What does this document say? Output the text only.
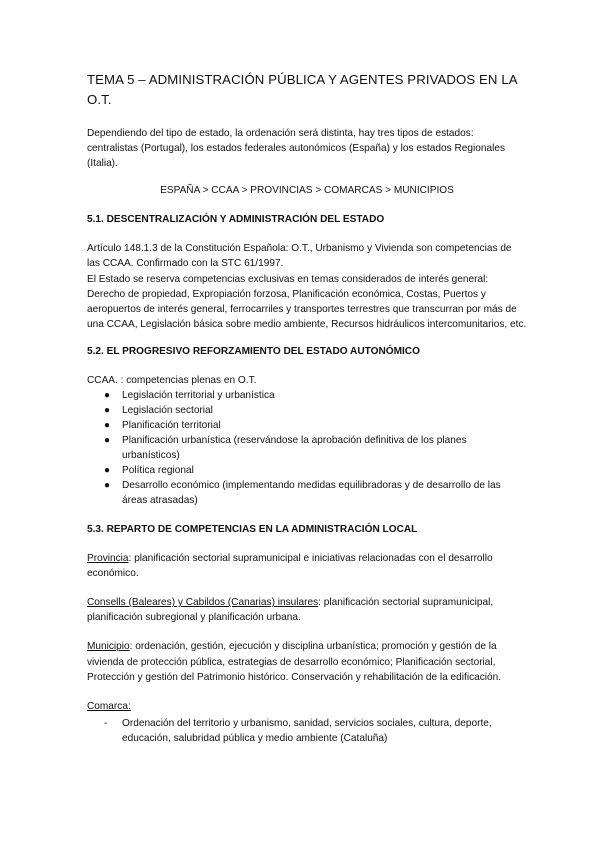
TEMA 5 – ADMINISTRACIÓN PÚBLICA Y AGENTES PRIVADOS EN LA O.T.

Dependiendo del tipo de estado, la ordenación será distinta, hay tres tipos de estados: centralistas (Portugal), los estados federales autonómicos (España) y los estados Regionales (Italia).

ESPAÑA > CCAA > PROVINCIAS > COMARCAS > MUNICIPIOS

5.1. DESCENTRALIZACIÓN Y ADMINISTRACIÓN DEL ESTADO

Artículo 148.1.3 de la Constitución Española: O.T., Urbanismo y Vivienda son competencias de las CCAA. Confirmado con la STC 61/1997.

El Estado se reserva competencias exclusivas en temas considerados de interés general: Derecho de propiedad, Expropiación forzosa, Planificación económica, Costas, Puertos y aeropuertos de interés general, ferrocarriles y transportes terrestres que transcurran por más de una CCAA, Legislación básica sobre medio ambiente, Recursos hidráulicos intercomunitarios, etc.

5.2. EL PROGRESIVO REFORZAMIENTO DEL ESTADO AUTONÓMICO

CCAA. : competencias plenas en O.T.

● Legislación territorial y urbanística
● Legislación sectorial
● Planificación territorial
● Planificación urbanística (reservándose la aprobación definitiva de los planes urbanísticos)
● Política regional
● Desarrollo económico (implementando medidas equilibradoras y de desarrollo de las áreas atrasadas)
5.3. REPARTO DE COMPETENCIAS EN LA ADMINISTRACIÓN LOCAL

Provincia: planificación sectorial supramunicipal e iniciativas relacionadas con el desarrollo económico.

Consells (Baleares) y Cabildos (Canarias) insulares: planificación sectorial supramunicipal, planificación subregional y planificación urbana.

Municipio: ordenación, gestión, ejecución y disciplina urbanística; promoción y gestión de la vivienda de protección pública, estrategias de desarrollo económico; Planificación sectorial, Protección y gestión del Patrimonio histórico. Conservación y rehabilitación de la edificación.

Comarca:

- Ordenación del territorio y urbanismo, sanidad, servicios sociales, cultura, deporte, educación, salubridad pública y medio ambiente (Cataluña)
